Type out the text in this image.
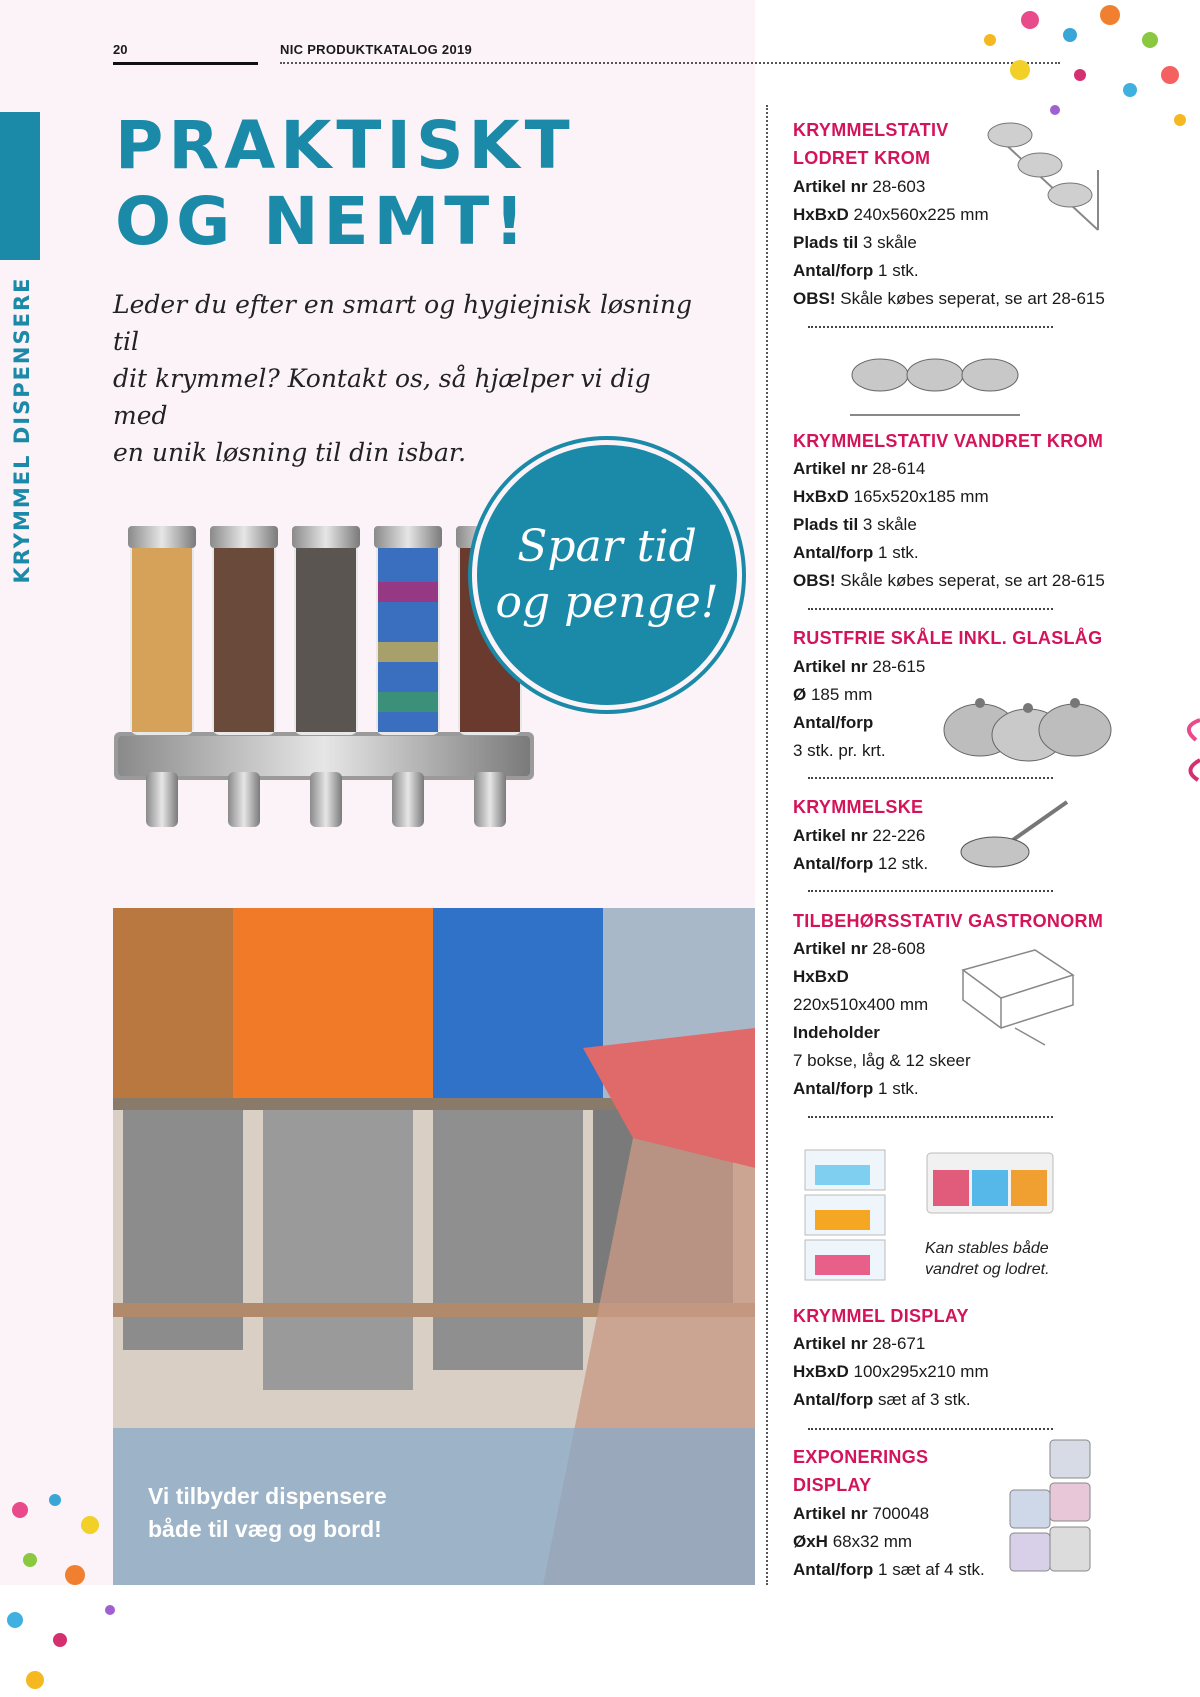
KRYMMEL DISPENSERE
20	NIC PRODUKTKATALOG 2019
PRAKTISKT
OG NEMT!
Leder du efter en smart og hygiejnisk løsning til
dit krymmel? Kontakt os, så hjælper vi dig med
en unik løsning til din isbar.
Spar tid
og penge!
Vi tilbyder dispensere
både til væg og bord!
KRYMMELSTATIV
LODRET KROM
Artikel nr 28-603
HxBxD 240x560x225 mm
Plads til 3 skåle
Antal/forp 1 stk.
OBS! Skåle købes seperat, se art 28-615
KRYMMELSTATIV VANDRET KROM
Artikel nr 28-614
HxBxD 165x520x185 mm
Plads til 3 skåle
Antal/forp 1 stk.
OBS! Skåle købes seperat, se art 28-615
RUSTFRIE SKÅLE INKL. GLASLÅG
Artikel nr 28-615
Ø 185 mm
Antal/forp
3 stk. pr. krt.
KRYMMELSKE
Artikel nr 22-226
Antal/forp 12 stk.
TILBEHØRSSTATIV GASTRONORM
Artikel nr 28-608
HxBxD
220x510x400 mm
Indeholder
7 bokse, låg & 12 skeer
Antal/forp 1 stk.
Kan stables både
vandret og lodret.
KRYMMEL DISPLAY
Artikel nr 28-671
HxBxD 100x295x210 mm
Antal/forp sæt af 3 stk.
EXPONERINGS
DISPLAY
Artikel nr 700048
ØxH 68x32 mm
Antal/forp 1 sæt af 4 stk.
